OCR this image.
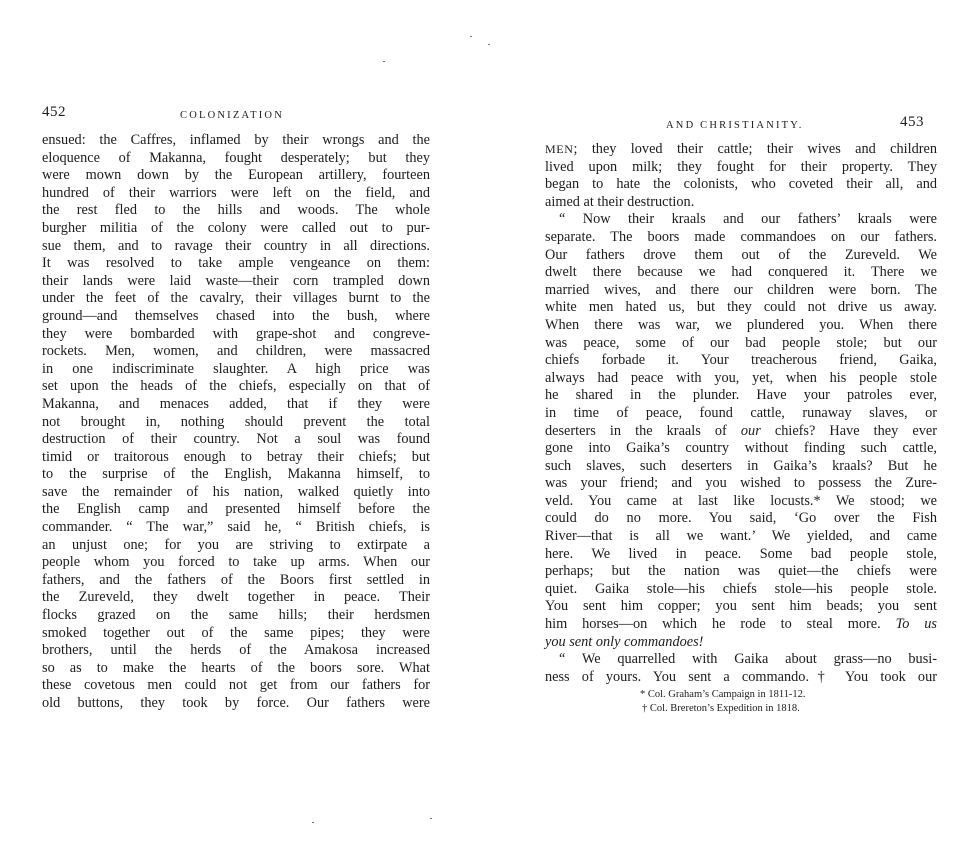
452	COLONIZATION
ensued: the Caffres, inflamed by their wrongs and the
eloquence of Makanna, fought desperately; but they
were mown down by the European artillery, fourteen
hundred of their warriors were left on the field, and
the rest fled to the hills and woods. The whole
burgher militia of the colony were called out to pur-
sue them, and to ravage their country in all directions.
It was resolved to take ample vengeance on them:
their lands were laid waste—their corn trampled down
under the feet of the cavalry, their villages burnt to the
ground—and themselves chased into the bush, where
they were bombarded with grape-shot and congreve-
rockets. Men, women, and children, were massacred
in one indiscriminate slaughter. A high price was
set upon the heads of the chiefs, especially on that of
Makanna, and menaces added, that if they were
not brought in, nothing should prevent the total
destruction of their country. Not a soul was found
timid or traitorous enough to betray their chiefs; but
to the surprise of the English, Makanna himself, to
save the remainder of his nation, walked quietly into
the English camp and presented himself before the
commander. “ The war,” said he, “ British chiefs, is
an unjust one; for you are striving to extirpate a
people whom you forced to take up arms. When our
fathers, and the fathers of the Boors first settled in
the Zureveld, they dwelt together in peace. Their
flocks grazed on the same hills; their herdsmen
smoked together out of the same pipes; they were
brothers, until the herds of the Amakosa increased
so as to make the hearts of the boors sore. What
these covetous men could not get from our fathers for
old buttons, they took by force. Our fathers were
AND CHRISTIANITY.	453
MEN; they loved their cattle; their wives and children
lived upon milk; they fought for their property. They
began to hate the colonists, who coveted their all, and
aimed at their destruction.
“ Now their kraals and our fathers’ kraals were
separate. The boors made commandoes on our fathers.
Our fathers drove them out of the Zureveld. We
dwelt there because we had conquered it. There we
married wives, and there our children were born. The
white men hated us, but they could not drive us away.
When there was war, we plundered you. When there
was peace, some of our bad people stole; but our
chiefs forbade it. Your treacherous friend, Gaika,
always had peace with you, yet, when his people stole
he shared in the plunder. Have your patroles ever,
in time of peace, found cattle, runaway slaves, or
deserters in the kraals of our chiefs? Have they ever
gone into Gaika’s country without finding such cattle,
such slaves, such deserters in Gaika’s kraals? But he
was your friend; and you wished to possess the Zure-
veld. You came at last like locusts.* We stood; we
could do no more. You said, ‘Go over the Fish
River—that is all we want.’ We yielded, and came
here. We lived in peace. Some bad people stole,
perhaps; but the nation was quiet—the chiefs were
quiet. Gaika stole—his chiefs stole—his people stole.
You sent him copper; you sent him beads; you sent
him horses—on which he rode to steal more. To us
you sent only commandoes!
“ We quarrelled with Gaika about grass—no busi-
ness of yours. You sent a commando.† You took our
* Col. Graham’s Campaign in 1811-12.
† Col. Brereton’s Expedition in 1818.
